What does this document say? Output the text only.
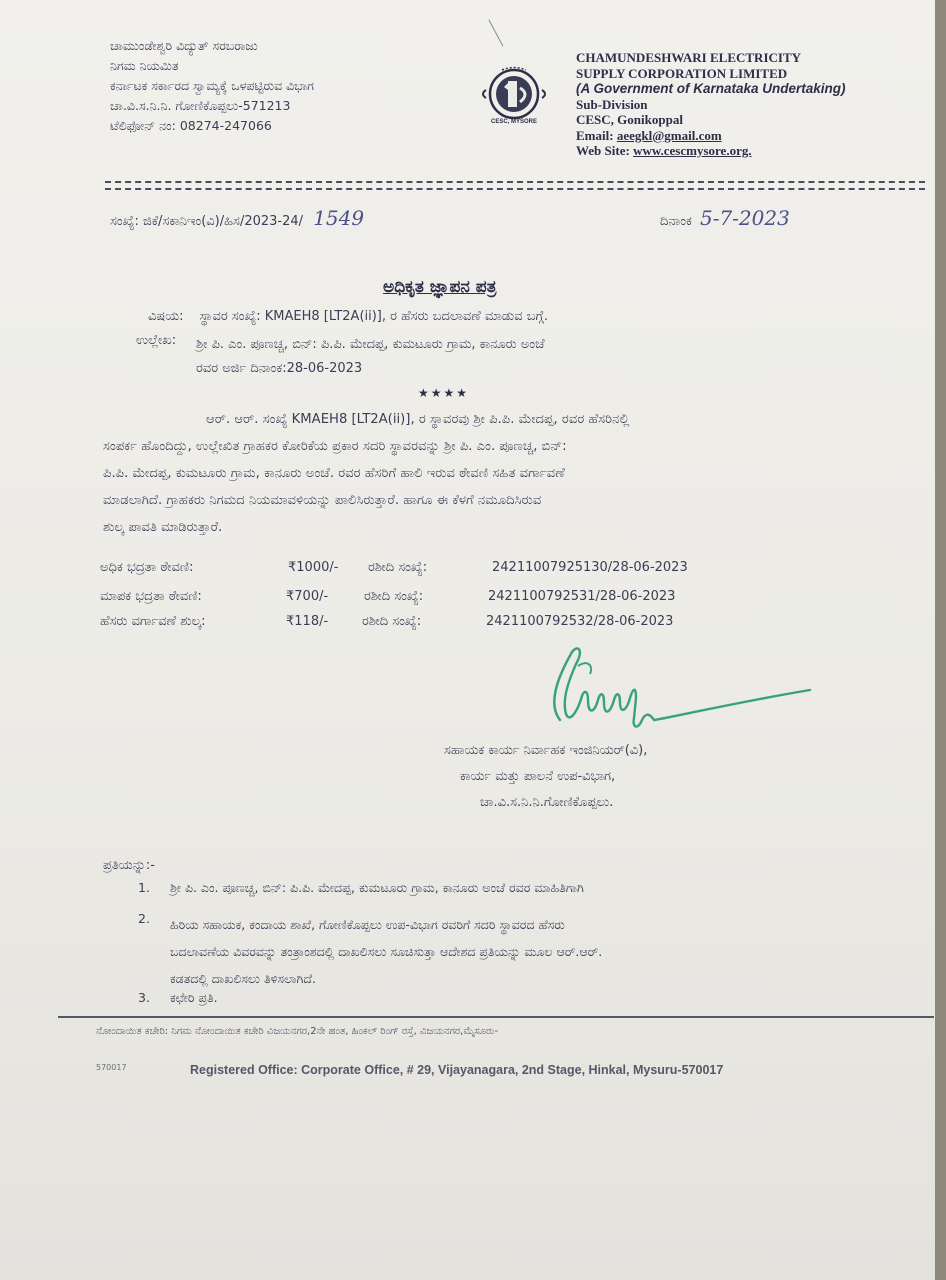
ಚಾಮುಂಡೇಶ್ವರಿ ವಿದ್ಯುತ್ ಸರಬರಾಜು
ನಿಗಮ ನಿಯಮಿತ
ಕರ್ನಾಟಕ ಸರ್ಕಾರದ ಸ್ವಾಮ್ಯಕ್ಕೆ ಒಳಪಟ್ಟಿರುವ ವಿಭಾಗ
ಚಾ.ವಿ.ಸ.ನಿ.ನಿ. ಗೋಣಿಕೊಪ್ಪಲು-571213
ಟೆಲಿಫೋನ್ ನಂ: 08274-247066	CESC, MYSORE
CHAMUNDESHWARI ELECTRICITY
SUPPLY CORPORATION LIMITED
(A Government of Karnataka Undertaking)
Sub-Division
CESC, Gonikoppal
Email: aeegkl@gmail.com
Web Site: www.cescmysore.org.
ಸಂಖ್ಯೆ: ಜಿಕೆ/ಸಕಾನಿಇಂ(ವಿ)/ಹಿಸ/2023-24/ 1549	ದಿನಾಂಕ 5-7-2023
ಅಧಿಕೃತ ಜ್ಞಾಪನ ಪತ್ರ
ವಿಷಯ: ಸ್ಥಾವರ ಸಂಖ್ಯೆ: KMAEH8 [LT2A(ii)], ರ ಹೆಸರು ಬದಲಾವಣೆ ಮಾಡುವ ಬಗ್ಗೆ.
ಉಲ್ಲೇಖ: ಶ್ರೀ ಪಿ. ಎಂ. ಪೂಣಚ್ಚ, ಬಿನ್: ಪಿ.ಪಿ. ಮೇದಪ್ಪ, ಕುಮಟೂರು ಗ್ರಾಮ, ಕಾನೂರು ಅಂಚೆ
ರವರ ಅರ್ಜಿ ದಿನಾಂಕ:28-06-2023
★★★★
ಆರ್. ಆರ್. ಸಂಖ್ಯೆ KMAEH8 [LT2A(ii)], ರ ಸ್ಥಾವರವು ಶ್ರೀ ಪಿ.ಪಿ. ಮೇದಪ್ಪ, ರವರ ಹೆಸರಿನಲ್ಲಿ
ಸಂಪರ್ಕ ಹೊಂದಿದ್ದು, ಉಲ್ಲೇಖಿತ ಗ್ರಾಹಕರ ಕೋರಿಕೆಯ ಪ್ರಕಾರ ಸದರಿ ಸ್ಥಾವರವನ್ನು ಶ್ರೀ ಪಿ. ಎಂ. ಪೂಣಚ್ಚ, ಬಿನ್:
ಪಿ.ಪಿ. ಮೇದಪ್ಪ, ಕುಮಟೂರು ಗ್ರಾಮ, ಕಾನೂರು ಅಂಚೆ. ರವರ ಹೆಸರಿಗೆ ಹಾಲಿ ಇರುವ ಠೇವಣಿ ಸಹಿತ ವರ್ಗಾವಣೆ
ಮಾಡಲಾಗಿದೆ. ಗ್ರಾಹಕರು ನಿಗಮದ ನಿಯಮಾವಳಿಯನ್ನು ಪಾಲಿಸಿರುತ್ತಾರೆ. ಹಾಗೂ ಈ ಕೆಳಗೆ ನಮೂದಿಸಿರುವ
ಶುಲ್ಕ ಪಾವತಿ ಮಾಡಿರುತ್ತಾರೆ.
ಅಧಿಕ ಭದ್ರತಾ ಠೇವಣಿ:	₹1000/- ರಶೀದಿ ಸಂಖ್ಯೆ:	24211007925130/28-06-2023
ಮಾಪಕ ಭದ್ರತಾ ಠೇವಣಿ:	₹700/-	ರಶೀದಿ ಸಂಖ್ಯೆ:	2421100792531/28-06-2023
ಹೆಸರು ವರ್ಗಾವಣೆ ಶುಲ್ಕ:	₹118/-	ರಶೀದಿ ಸಂಖ್ಯೆ:	2421100792532/28-06-2023
ಸಹಾಯಕ ಕಾರ್ಯ ನಿರ್ವಾಹಕ ಇಂಜಿನಿಯರ್(ವಿ),
ಕಾರ್ಯ ಮತ್ತು ಪಾಲನೆ ಉಪ-ವಿಭಾಗ,
ಚಾ.ವಿ.ಸ.ನಿ.ನಿ.ಗೋಣಿಕೊಪ್ಪಲು.
ಪ್ರತಿಯನ್ನು:-
1. ಶ್ರೀ ಪಿ. ಎಂ. ಪೂಣಚ್ಚ, ಬಿನ್: ಪಿ.ಪಿ. ಮೇದಪ್ಪ, ಕುಮಟೂರು ಗ್ರಾಮ, ಕಾನೂರು ಅಂಚೆ ರವರ ಮಾಹಿತಿಗಾಗಿ
2. ಹಿರಿಯ ಸಹಾಯಕ, ಕಂದಾಯ ಶಾಖೆ, ಗೋಣಿಕೊಪ್ಪಲು ಉಪ-ವಿಭಾಗ ರವರಿಗೆ ಸದರಿ ಸ್ಥಾವರದ ಹೆಸರು
ಬದಲಾವಣೆಯ ವಿವರವನ್ನು ತಂತ್ರಾಂಶದಲ್ಲಿ ದಾಖಲಿಸಲು ಸೂಚಿಸುತ್ತಾ ಆದೇಶದ ಪ್ರತಿಯನ್ನು ಮೂಲ ಆರ್.ಆರ್.
ಕಡತದಲ್ಲಿ ದಾಖಲಿಸಲು ತಿಳಿಸಲಾಗಿದೆ.
3. ಕಛೇರಿ ಪ್ರತಿ.
ನೋಂದಾಯಿತ ಕಚೇರಿ: ನಿಗಮ ನೋಂದಾಯಿತ ಕಚೇರಿ ವಿಜಯನಗರ,2ನೇ ಹಂತ, ಹಿಂಕಲ್ ರಿಂಗ್ ರಸ್ತೆ, ವಿಜಯನಗರ,ಮೈಸೂರು-
570017	Registered Office: Corporate Office, # 29, Vijayanagara, 2nd Stage, Hinkal, Mysuru-570017
